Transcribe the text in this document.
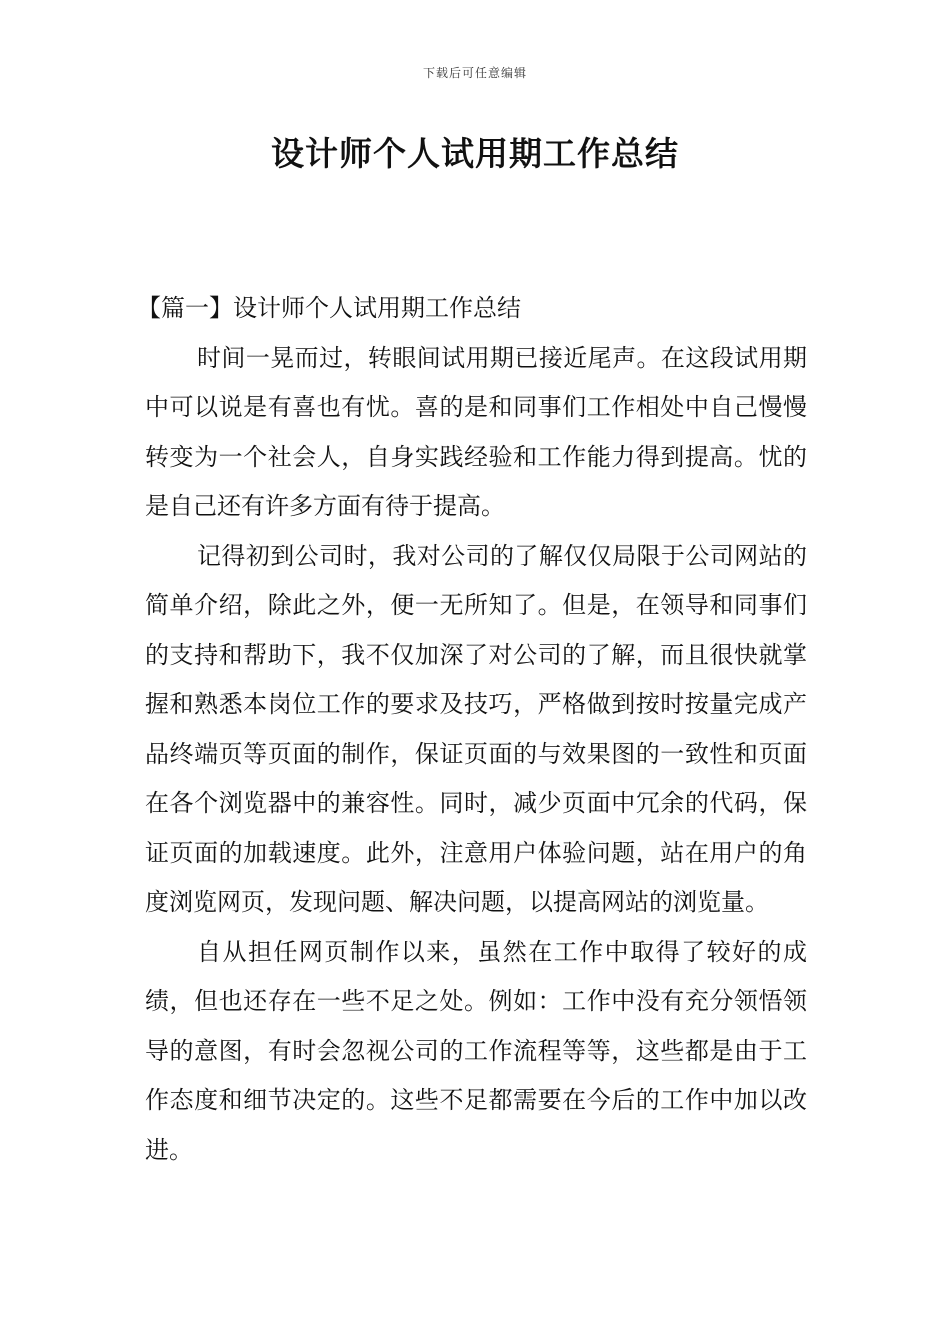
下载后可任意编辑
设计师个人试用期工作总结

【篇一】设计师个人试用期工作总结

时间一晃而过，转眼间试用期已接近尾声。在这段试用期中可以说是有喜也有忧。喜的是和同事们工作相处中自己慢慢转变为一个社会人，自身实践经验和工作能力得到提高。忧的是自己还有许多方面有待于提高。

记得初到公司时，我对公司的了解仅仅局限于公司网站的简单介绍，除此之外，便一无所知了。但是，在领导和同事们的支持和帮助下，我不仅加深了对公司的了解，而且很快就掌握和熟悉本岗位工作的要求及技巧，严格做到按时按量完成产品终端页等页面的制作，保证页面的与效果图的一致性和页面在各个浏览器中的兼容性。同时，减少页面中冗余的代码，保证页面的加载速度。此外，注意用户体验问题，站在用户的角度浏览网页，发现问题、解决问题，以提高网站的浏览量。

自从担任网页制作以来，虽然在工作中取得了较好的成绩，但也还存在一些不足之处。例如：工作中没有充分领悟领导的意图，有时会忽视公司的工作流程等等，这些都是由于工作态度和细节决定的。这些不足都需要在今后的工作中加以改进。
